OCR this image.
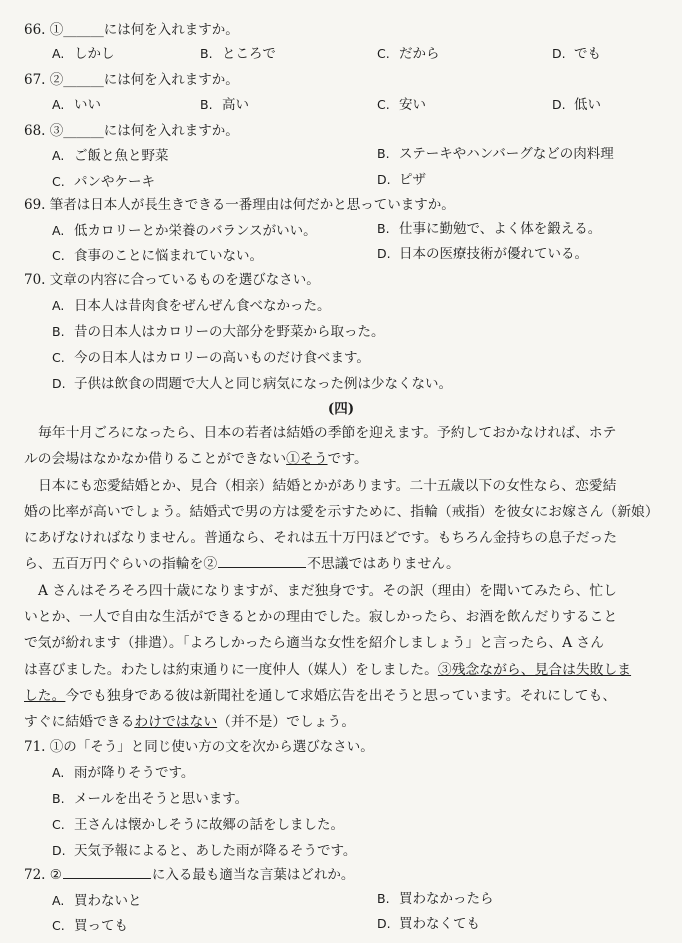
66. ①______には何を入れますか。
A. しかし	B. ところで	C. だから	D. でも
67. ②______には何を入れますか。
A. いい	B. 高い	C. 安い	D. 低い
68. ③______には何を入れますか。
A. ご飯と魚と野菜	B. ステーキやハンバーグなどの肉料理
C. パンやケーキ	D. ピザ
69. 筆者は日本人が長生きできる一番理由は何だかと思っていますか。
A. 低カロリーとか栄養のバランスがいい。	B. 仕事に勤勉で、よく体を鍛える。
C. 食事のことに悩まれていない。	D. 日本の医療技術が優れている。
70. 文章の内容に合っているものを選びなさい。
A. 日本人は昔肉食をぜんぜん食べなかった。
B. 昔の日本人はカロリーの大部分を野菜から取った。
C. 今の日本人はカロリーの高いものだけ食べます。
D. 子供は飲食の問題で大人と同じ病気になった例は少なくない。
(四)
毎年十月ごろになったら、日本の若者は結婚の季節を迎えます。予約しておかなければ、ホテ
ルの会場はなかなか借りることができない①そうです。
日本にも恋愛結婚とか、見合（相亲）結婚とかがあります。二十五歳以下の女性なら、恋愛結
婚の比率が高いでしょう。結婚式で男の方は愛を示すために、指輪（戒指）を彼女にお嫁さん（新娘）
にあげなければなりません。普通なら、それは五十万円ほどです。もちろん金持ちの息子だった
ら、五百万円ぐらいの指輪を②	不思議ではありません。
A さんはそろそろ四十歳になりますが、まだ独身です。その訳（理由）を聞いてみたら、忙し
いとか、一人で自由な生活ができるとかの理由でした。寂しかったら、お酒を飲んだりすること
で気が紛れます（排遣）。「よろしかったら適当な女性を紹介しましょう」と言ったら、A さん
は喜びました。わたしは約束通りに一度仲人（媒人）をしました。③残念ながら、見合は失敗しま
した。今でも独身である彼は新聞社を通して求婚広告を出そうと思っています。それにしても、
すぐに結婚できるわけではない（并不是）でしょう。
71. ①の「そう」と同じ使い方の文を次から選びなさい。
A. 雨が降りそうです。
B. メールを出そうと思います。
C. 王さんは懐かしそうに故郷の話をしました。
D. 天気予報によると、あした雨が降るそうです。
72. ②	に入る最も適当な言葉はどれか。
A. 買わないと	B. 買わなかったら
C. 買っても	D. 買わなくても
